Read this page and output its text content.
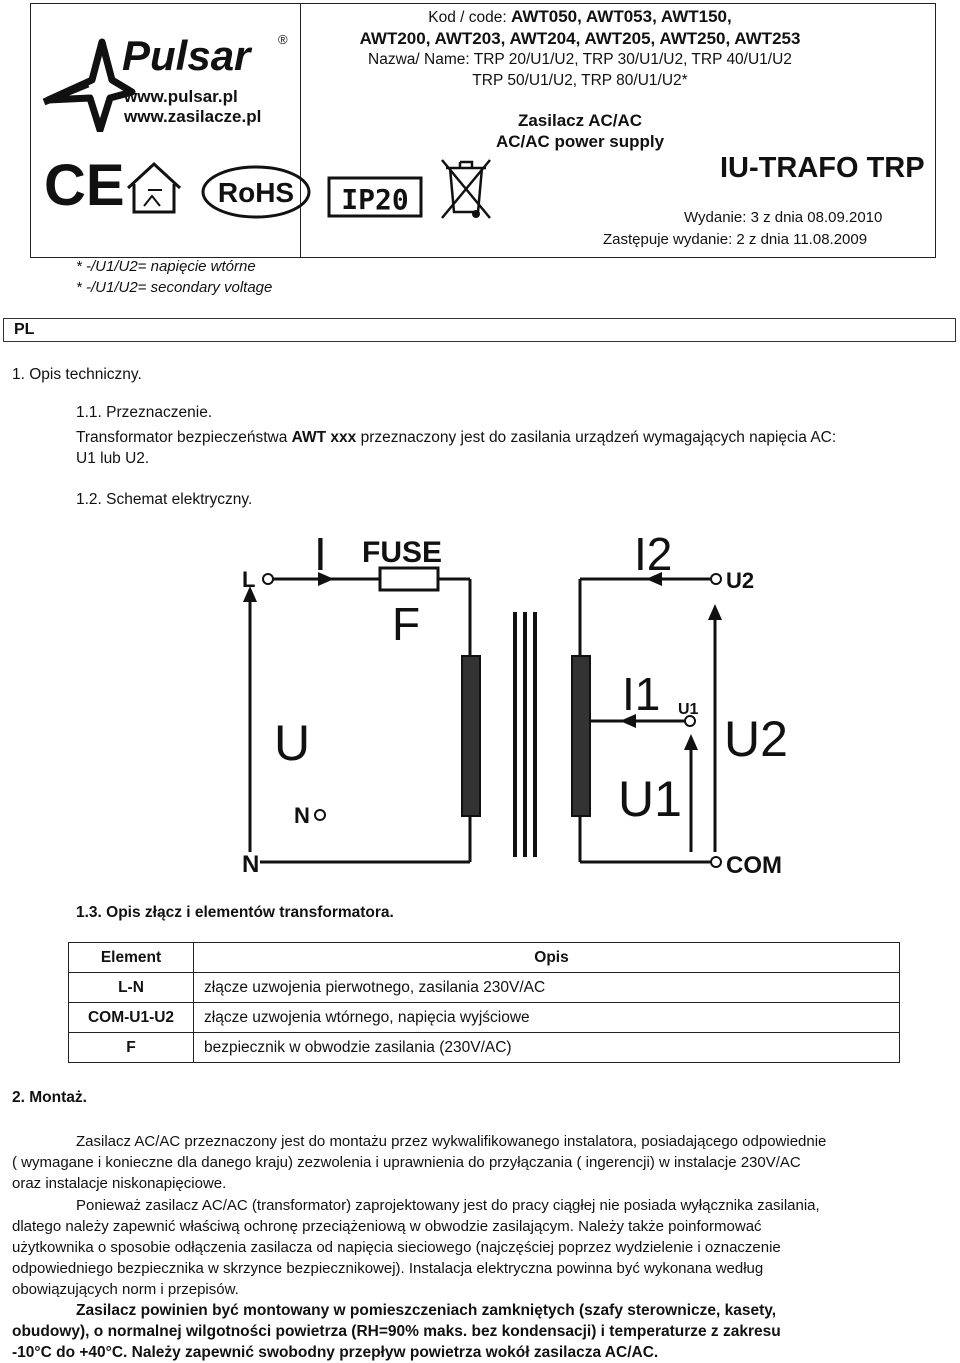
Pulsar ®
www.pulsar.pl
www.zasilacze.pl
CE	RoHS IP20
Kod / code: AWT050, AWT053, AWT150,
AWT200, AWT203, AWT204, AWT205, AWT250, AWT253
Nazwa/ Name: TRP 20/U1/U2, TRP 30/U1/U2, TRP 40/U1/U2
TRP 50/U1/U2, TRP 80/U1/U2*
Zasilacz AC/AC
AC/AC power supply
IU-TRAFO TRP
Wydanie: 3 z dnia 08.09.2010
Zastępuje wydanie: 2 z dnia 11.08.2009
* -/U1/U2= napięcie wtórne
* -/U1/U2= secondary voltage
PL
1. Opis techniczny.
1.1. Przeznaczenie.
Transformator bezpieczeństwa AWT xxx przeznaczony jest do zasilania urządzeń wymagających napięcia AC:
U1 lub U2.
1.2. Schemat elektryczny.
I FUSE
F
I2
L	U2
I1 U1
U	U2
U1
N
N	COM
1.3. Opis złącz i elementów transformatora.
Element	Opis
L-N	złącze uzwojenia pierwotnego, zasilania 230V/AC
COM-U1-U2	złącze uzwojenia wtórnego, napięcia wyjściowe
F	bezpiecznik w obwodzie zasilania (230V/AC)
2. Montaż.
Zasilacz AC/AC przeznaczony jest do montażu przez wykwalifikowanego instalatora, posiadającego odpowiednie
( wymagane i konieczne dla danego kraju) zezwolenia i uprawnienia do przyłączania ( ingerencji) w instalacje 230V/AC
oraz instalacje niskonapięciowe.
Ponieważ zasilacz AC/AC (transformator) zaprojektowany jest do pracy ciągłej nie posiada wyłącznika zasilania,
dlatego należy zapewnić właściwą ochronę przeciążeniową w obwodzie zasilającym. Należy także poinformować
użytkownika o sposobie odłączenia zasilacza od napięcia sieciowego (najczęściej poprzez wydzielenie i oznaczenie
odpowiedniego bezpiecznika w skrzynce bezpiecznikowej). Instalacja elektryczna powinna być wykonana według
obowiązujących norm i przepisów.
Zasilacz powinien być montowany w pomieszczeniach zamkniętych (szafy sterownicze, kasety,
obudowy), o normalnej wilgotności powietrza (RH=90% maks. bez kondensacji) i temperaturze z zakresu
-10°C do +40°C. Należy zapewnić swobodny przepływ powietrza wokół zasilacza AC/AC.
